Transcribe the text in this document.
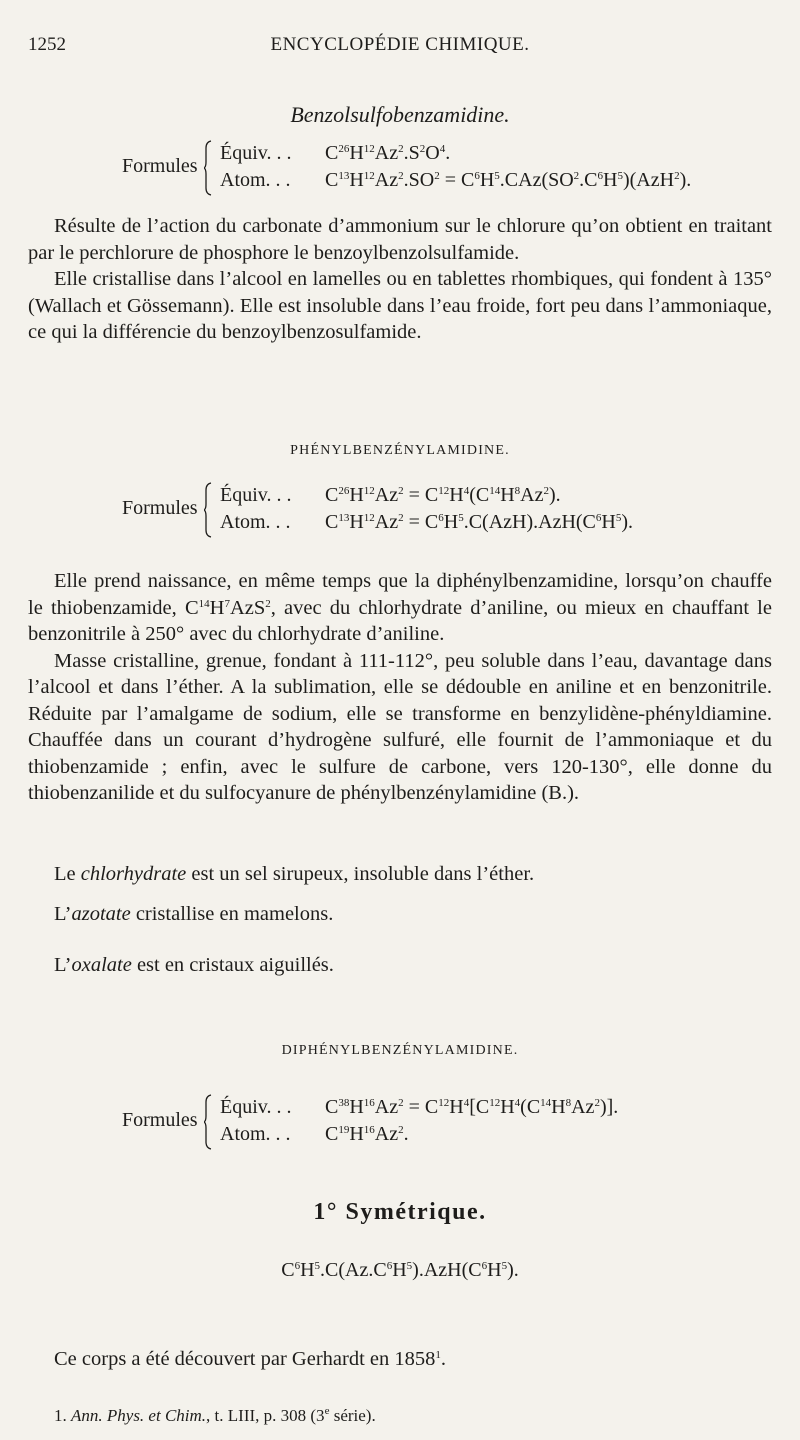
1252	ENCYCLOPÉDIE CHIMIQUE.
Benzolsulfobenzamidine.
Formules
Équiv. . . $C^{26}H^{12}Az^2.S^2O^4$.
Atom. . . $C^{13}H^{12}Az^2.SO^2 = C^6H^5.CAz(SO^2.C^6H^5)(AzH^2)$.

Résulte de l’action du carbonate d’ammonium sur le chlorure qu’on obtient en traitant par le perchlorure de phosphore le benzoylbenzolsulfamide.

Elle cristallise dans l’alcool en lamelles ou en tablettes rhombiques, qui fondent à 135° (Wallach et Gössemann). Elle est insoluble dans l’eau froide, fort peu dans l’ammoniaque, ce qui la différencie du benzoylbenzosulfamide.

PHÉNYLBENZÉNYLAMIDINE.
Formules
Équiv. . . $C^{26}H^{12}Az^2 = C^{12}H^4(C^{14}H^8Az^2)$.
Atom. . . $C^{13}H^{12}Az^2 = C^6H^5.C(AzH).AzH(C^6H^5)$.

Elle prend naissance, en même temps que la diphénylbenzamidine, lorsqu’on chauffe le thiobenzamide, $C^{14}H^7AzS^2$, avec du chlorhydrate d’aniline, ou mieux en chauffant le benzonitrile à 250° avec du chlorhydrate d’aniline.

Masse cristalline, grenue, fondant à 111-112°, peu soluble dans l’eau, davantage dans l’alcool et dans l’éther. A la sublimation, elle se dédouble en aniline et en benzonitrile. Réduite par l’amalgame de sodium, elle se transforme en benzylidène-phényldiamine. Chauffée dans un courant d’hydrogène sulfuré, elle fournit de l’ammoniaque et du thiobenzamide ; enfin, avec le sulfure de carbone, vers 120-130°, elle donne du thiobenzanilide et du sulfocyanure de phénylbenzénylamidine (B.).

Le chlorhydrate est un sel sirupeux, insoluble dans l’éther.
L’azotate cristallise en mamelons.
L’oxalate est en cristaux aiguillés.
DIPHÉNYLBENZÉNYLAMIDINE.
Formules
Équiv. . . $C^{38}H^{16}Az^2 = C^{12}H^4[C^{12}H^4(C^{14}H^8Az^2)]$.
Atom. . . $C^{19}H^{16}Az^2$.
1° Symétrique.
$C^6H^5.C(Az.C^6H^5).AzH(C^6H^5)$.
Ce corps a été découvert par Gerhardt en 1858$^1$.
1. Ann. Phys. et Chim., t. LIII, p. 308 (3e série).
